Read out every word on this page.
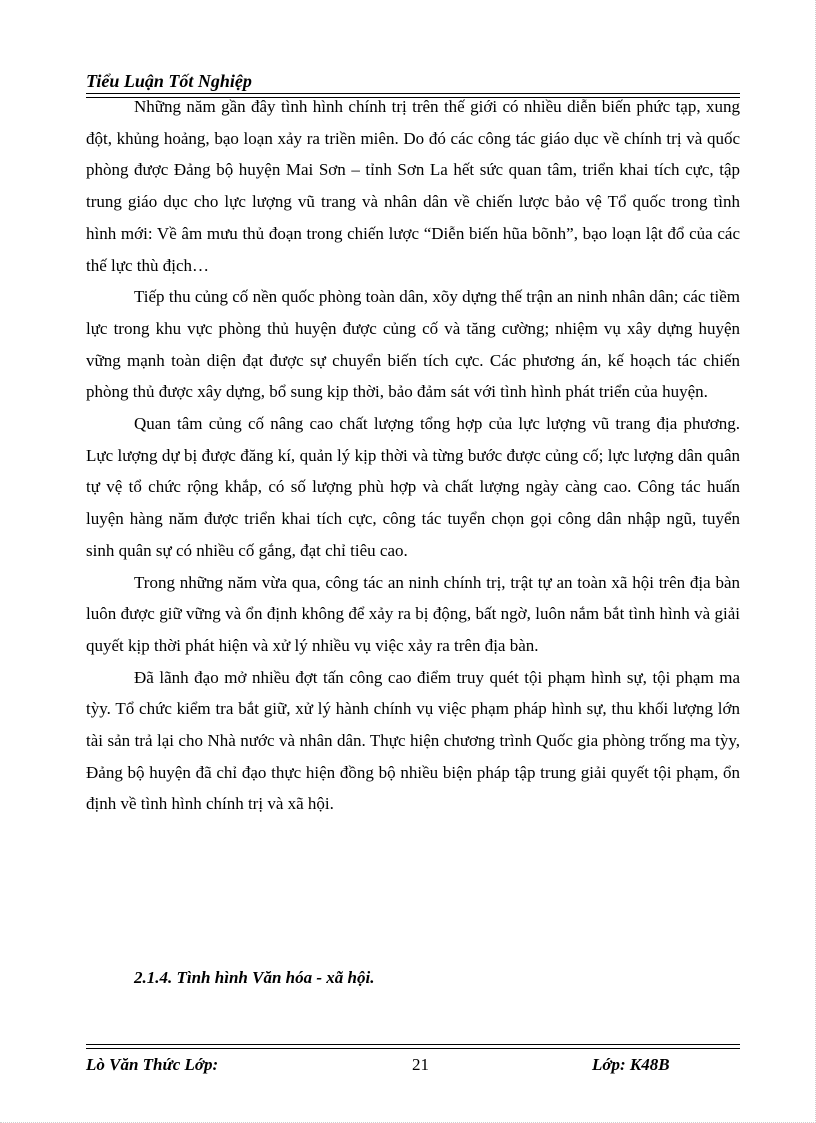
Tiểu Luận Tốt Nghiệp

Những năm gần đây tình hình chính trị trên thế giới có nhiều diễn biến phức tạp, xung đột, khủng hoảng, bạo loạn xảy ra triền miên. Do đó các công tác giáo dục về chính trị và quốc phòng được Đảng bộ huyện Mai Sơn – tỉnh Sơn La hết sức quan tâm, triển khai tích cực, tập trung giáo dục cho lực lượng vũ trang và nhân dân về chiến lược bảo vệ Tổ quốc trong tình hình mới: Về âm mưu thủ đoạn trong chiến lược “Diễn biến hũa bõnh”, bạo loạn lật đổ của các thế lực thù địch…

Tiếp thu củng cố nền quốc phòng toàn dân, xõy dựng thế trận an ninh nhân dân; các tiềm lực trong khu vực phòng thủ huyện được củng cố và tăng cường; nhiệm vụ xây dựng huyện vững mạnh toàn diện đạt được sự chuyển biến tích cực. Các phương án, kế hoạch tác chiến phòng thủ được xây dựng, bổ sung kịp thời, bảo đảm sát với tình hình phát triển của huyện.

Quan tâm củng cố nâng cao chất lượng tổng hợp của lực lượng vũ trang địa phương. Lực lượng dự bị được đăng kí, quản lý kịp thời và từng bước được củng cố; lực lượng dân quân tự vệ tổ chức rộng khắp, có số lượng phù hợp và chất lượng ngày càng cao. Công tác huấn luyện hàng năm được triển khai tích cực, công tác tuyển chọn gọi công dân nhập ngũ, tuyển sinh quân sự có nhiều cố gắng, đạt chỉ tiêu cao.

Trong những năm vừa qua, công tác an ninh chính trị, trật tự an toàn xã hội trên địa bàn luôn được giữ vững và ổn định không để xảy ra bị động, bất ngờ, luôn nắm bắt tình hình và giải quyết kịp thời phát hiện và xử lý nhiều vụ việc xảy ra trên địa bàn.

Đã lãnh đạo mở nhiều đợt tấn công cao điểm truy quét tội phạm hình sự, tội phạm ma tỳy. Tổ chức kiểm tra bắt giữ, xử lý hành chính vụ việc phạm pháp hình sự, thu khối lượng lớn tài sản trả lại cho Nhà nước và nhân dân. Thực hiện chương trình Quốc gia phòng trống ma tỳy, Đảng bộ huyện đã chỉ đạo thực hiện đồng bộ nhiều biện pháp tập trung giải quyết tội phạm, ổn định về tình hình chính trị và xã hội.

2.1.4. Tình hình Văn hóa - xã hội.
Lò Văn Thức Lớp:	21	Lớp: K48B
